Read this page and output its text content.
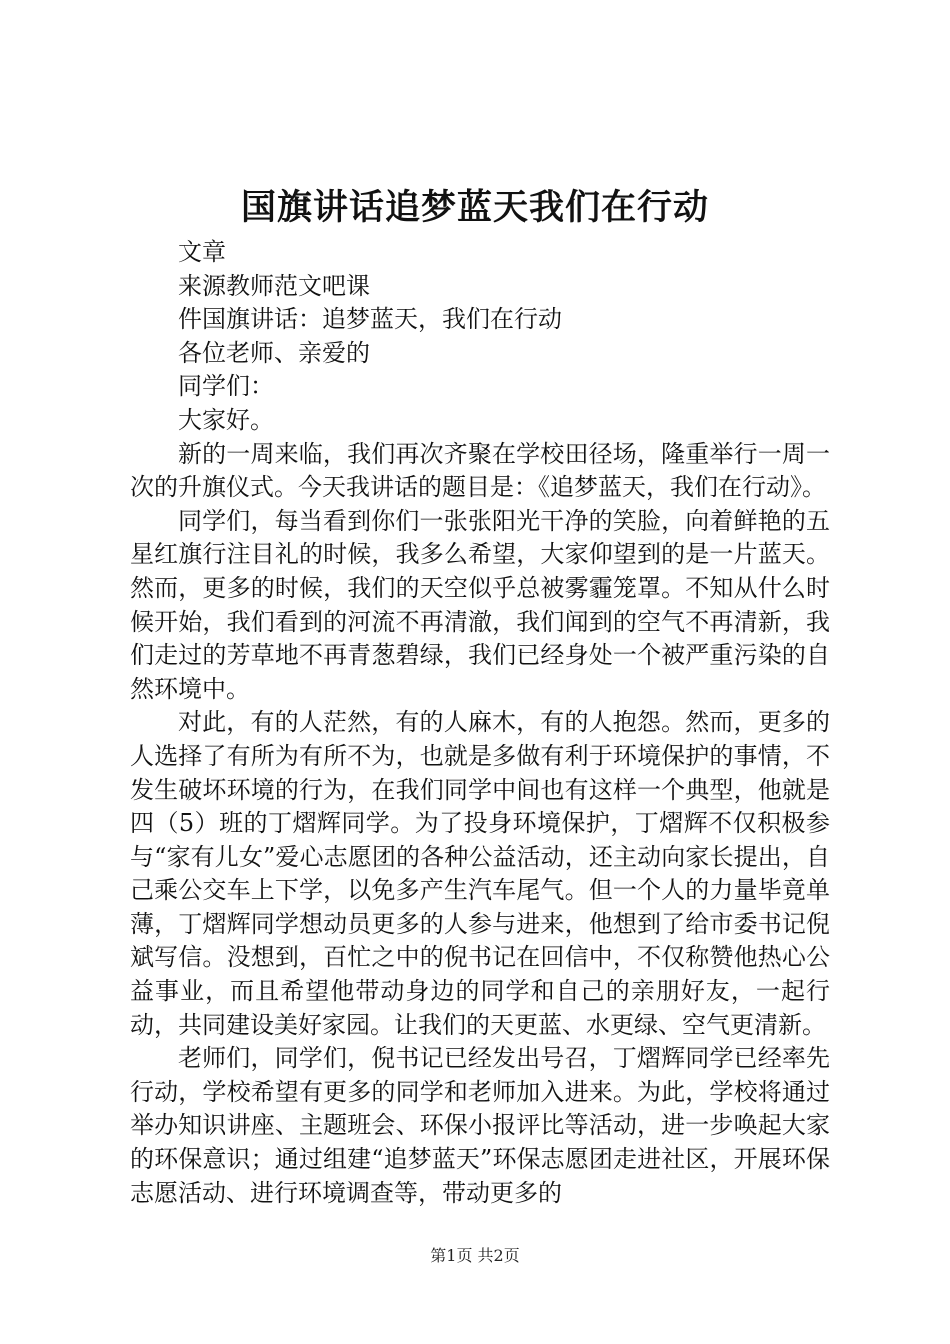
国旗讲话追梦蓝天我们在行动
文章
来源教师范文吧课
件国旗讲话：追梦蓝天，我们在行动
各位老师、亲爱的
同学们：
大家好。

新的一周来临，我们再次齐聚在学校田径场，隆重举行一周一次的升旗仪式。今天我讲话的题目是：《追梦蓝天，我们在行动》。

同学们，每当看到你们一张张阳光干净的笑脸，向着鲜艳的五星红旗行注目礼的时候，我多么希望，大家仰望到的是一片蓝天。然而，更多的时候，我们的天空似乎总被雾霾笼罩。不知从什么时候开始，我们看到的河流不再清澈，我们闻到的空气不再清新，我们走过的芳草地不再青葱碧绿，我们已经身处一个被严重污染的自然环境中。

对此，有的人茫然，有的人麻木，有的人抱怨。然而，更多的人选择了有所为有所不为，也就是多做有利于环境保护的事情，不发生破坏环境的行为，在我们同学中间也有这样一个典型，他就是四（5）班的丁熠辉同学。为了投身环境保护，丁熠辉不仅积极参与“家有儿女”爱心志愿团的各种公益活动，还主动向家长提出，自己乘公交车上下学，以免多产生汽车尾气。但一个人的力量毕竟单薄，丁熠辉同学想动员更多的人参与进来，他想到了给市委书记倪斌写信。没想到，百忙之中的倪书记在回信中，不仅称赞他热心公益事业，而且希望他带动身边的同学和自己的亲朋好友，一起行动，共同建设美好家园。让我们的天更蓝、水更绿、空气更清新。

老师们，同学们，倪书记已经发出号召，丁熠辉同学已经率先行动，学校希望有更多的同学和老师加入进来。为此，学校将通过举办知识讲座、主题班会、环保小报评比等活动，进一步唤起大家的环保意识；通过组建“追梦蓝天”环保志愿团走进社区，开展环保志愿活动、进行环境调查等，带动更多的

第1页 共2页
